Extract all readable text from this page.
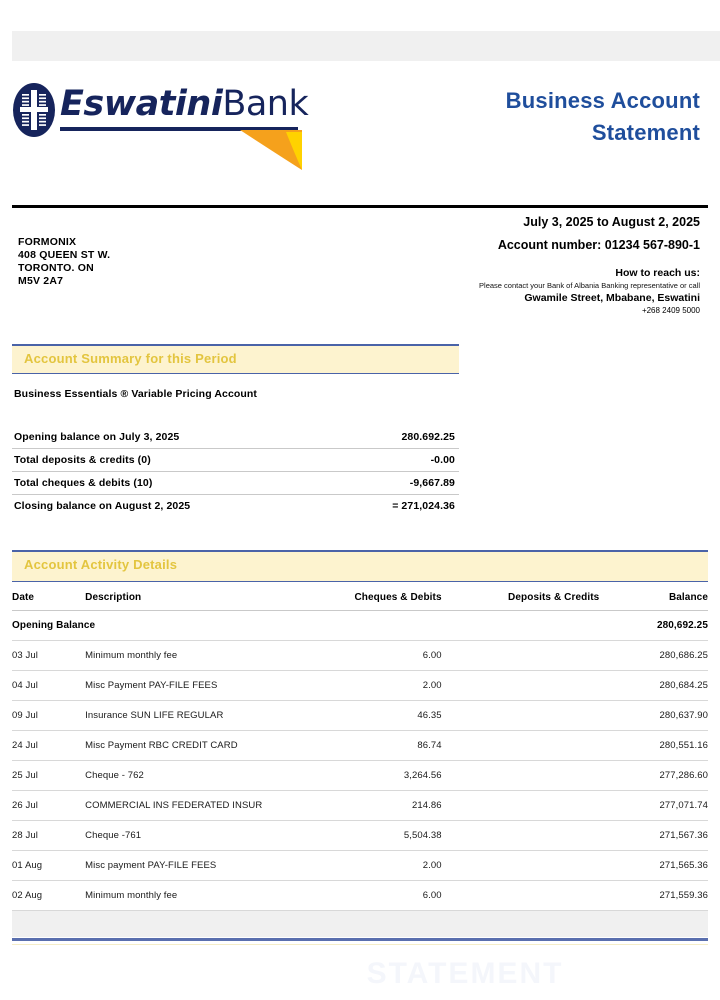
EswatiniBank	Business Account
Statement
FORMONIX
408 QUEEN ST W.
TORONTO. ON
M5V 2A7
July 3, 2025 to August 2, 2025
Account number: 01234 567-890-1
How to reach us:
Please contact your Bank of Albania Banking representative or call
Gwamile Street, Mbabane, Eswatini
+268 2409 5000
Account Summary for this Period
Business Essentials ® Variable Pricing Account
Opening balance on July 3, 2025	280.692.25
Total deposits & credits (0)	-0.00
Total cheques & debits (10)	-9,667.89
Closing balance on August 2, 2025	= 271,024.36
Account Activity Details
Date	Description	Cheques & Debits	Deposits & Credits	Balance
Opening Balance				280,692.25
03 Jul	Minimum monthly fee	6.00		280,686.25
04 Jul	Misc Payment PAY-FILE FEES	2.00		280,684.25
09 Jul	Insurance SUN LIFE REGULAR	46.35		280,637.90
24 Jul	Misc Payment RBC CREDIT CARD	86.74		280,551.16
25 Jul	Cheque - 762	3,264.56		277,286.60
26 Jul	COMMERCIAL INS FEDERATED INSUR	214.86		277,071.74
28 Jul	Cheque -761	5,504.38		271,567.36
01 Aug	Misc payment PAY-FILE FEES	2.00		271,565.36
02 Aug	Minimum monthly fee	6.00		271,559.36
STATEMENT
